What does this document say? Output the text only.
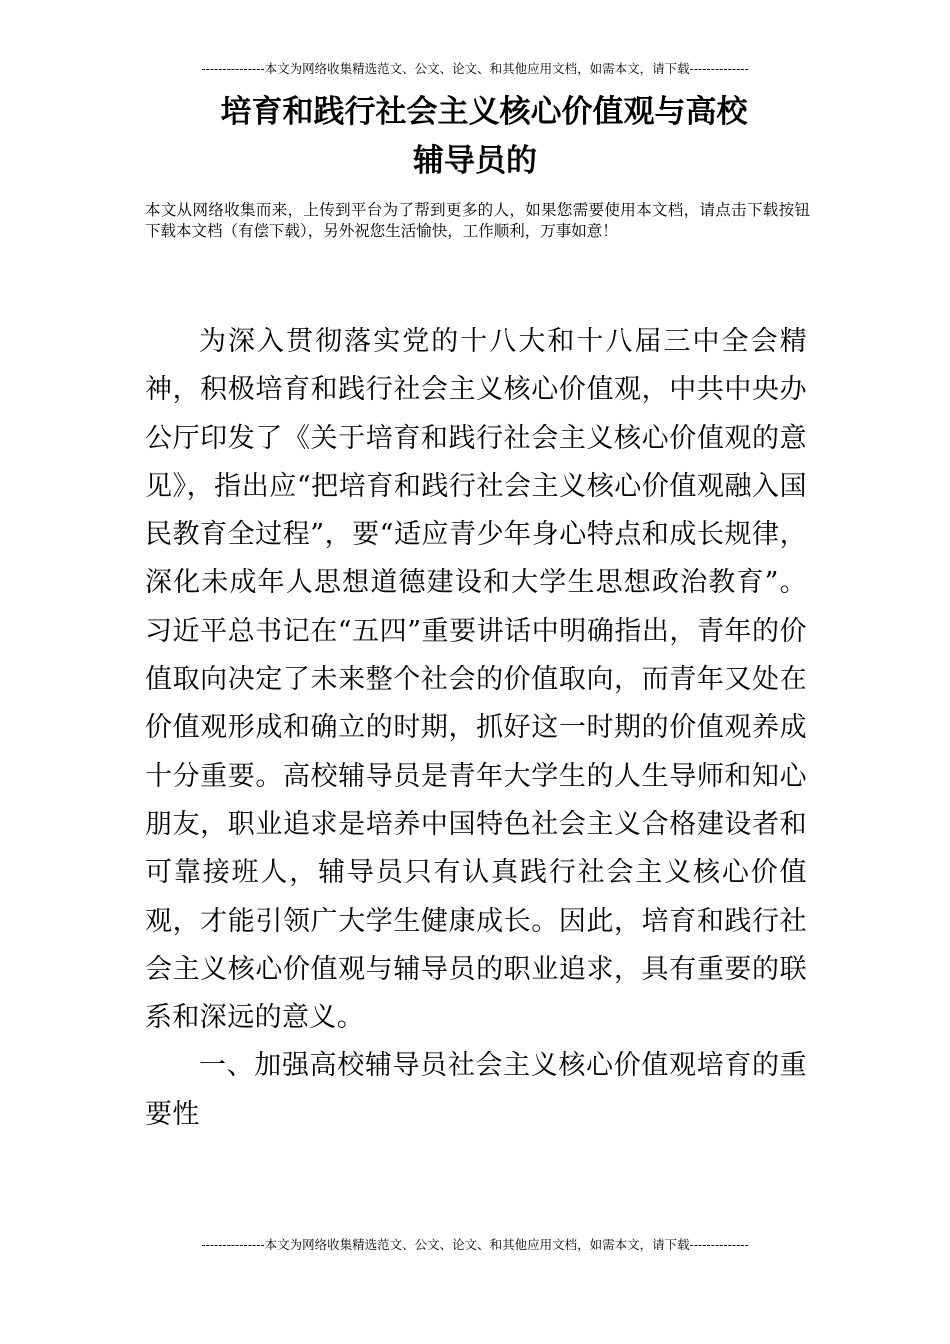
---------------本文为网络收集精选范文、公文、论文、和其他应用文档，如需本文，请下载--------------
培育和践行社会主义核心价值观与高校
辅导员的
本文从网络收集而来，上传到平台为了帮到更多的人，如果您需要使用本文档，请点击下载按钮下载本文档（有偿下载），另外祝您生活愉快，工作顺利，万事如意！

为深入贯彻落实党的十八大和十八届三中全会精神，积极培育和践行社会主义核心价值观，中共中央办公厅印发了《关于培育和践行社会主义核心价值观的意见》，指出应“把培育和践行社会主义核心价值观融入国民教育全过程”，要“适应青少年身心特点和成长规律，深化未成年人思想道德建设和大学生思想政治教育”。习近平总书记在“五四”重要讲话中明确指出，青年的价值取向决定了未来整个社会的价值取向，而青年又处在价值观形成和确立的时期，抓好这一时期的价值观养成十分重要。高校辅导员是青年大学生的人生导师和知心朋友，职业追求是培养中国特色社会主义合格建设者和可靠接班人，辅导员只有认真践行社会主义核心价值观，才能引领广大学生健康成长。因此，培育和践行社会主义核心价值观与辅导员的职业追求，具有重要的联系和深远的意义。

一、加强高校辅导员社会主义核心价值观培育的重要性

---------------本文为网络收集精选范文、公文、论文、和其他应用文档，如需本文，请下载--------------
